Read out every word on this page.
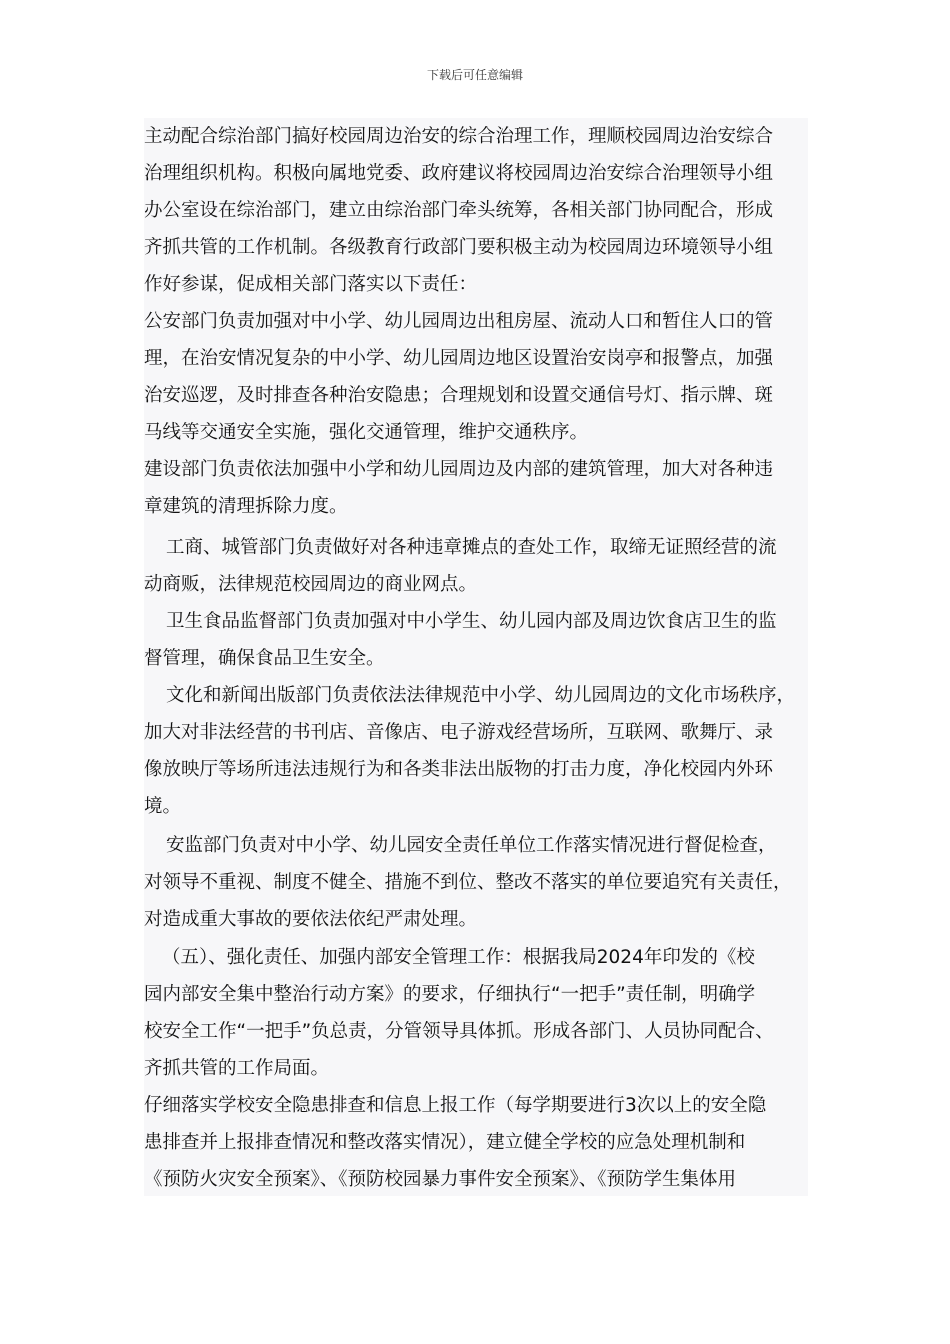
下载后可任意编辑
主动配合综治部门搞好校园周边治安的综合治理工作，理顺校园周边治安综合
治理组织机构。积极向属地党委、政府建议将校园周边治安综合治理领导小组
办公室设在综治部门，建立由综治部门牵头统筹，各相关部门协同配合，形成
齐抓共管的工作机制。各级教育行政部门要积极主动为校园周边环境领导小组
作好参谋，促成相关部门落实以下责任：
公安部门负责加强对中小学、幼儿园周边出租房屋、流动人口和暂住人口的管
理，在治安情况复杂的中小学、幼儿园周边地区设置治安岗亭和报警点，加强
治安巡逻，及时排查各种治安隐患；合理规划和设置交通信号灯、指示牌、斑
马线等交通安全实施，强化交通管理，维护交通秩序。
建设部门负责依法加强中小学和幼儿园周边及内部的建筑管理，加大对各种违
章建筑的清理拆除力度。
工商、城管部门负责做好对各种违章摊点的查处工作，取缔无证照经营的流
动商贩，法律规范校园周边的商业网点。
卫生食品监督部门负责加强对中小学生、幼儿园内部及周边饮食店卫生的监
督管理，确保食品卫生安全。
文化和新闻出版部门负责依法法律规范中小学、幼儿园周边的文化市场秩序，
加大对非法经营的书刊店、音像店、电子游戏经营场所，互联网、歌舞厅、录
像放映厅等场所违法违规行为和各类非法出版物的打击力度，净化校园内外环
境。
安监部门负责对中小学、幼儿园安全责任单位工作落实情况进行督促检查，
对领导不重视、制度不健全、措施不到位、整改不落实的单位要追究有关责任，
对造成重大事故的要依法依纪严肃处理。
（五）、强化责任、加强内部安全管理工作：根据我局2024年印发的《校
园内部安全集中整治行动方案》的要求，仔细执行“一把手”责任制，明确学
校安全工作“一把手”负总责，分管领导具体抓。形成各部门、人员协同配合、
齐抓共管的工作局面。
仔细落实学校安全隐患排查和信息上报工作（每学期要进行3次以上的安全隐
患排查并上报排查情况和整改落实情况），建立健全学校的应急处理机制和
《预防火灾安全预案》、《预防校园暴力事件安全预案》、《预防学生集体用
